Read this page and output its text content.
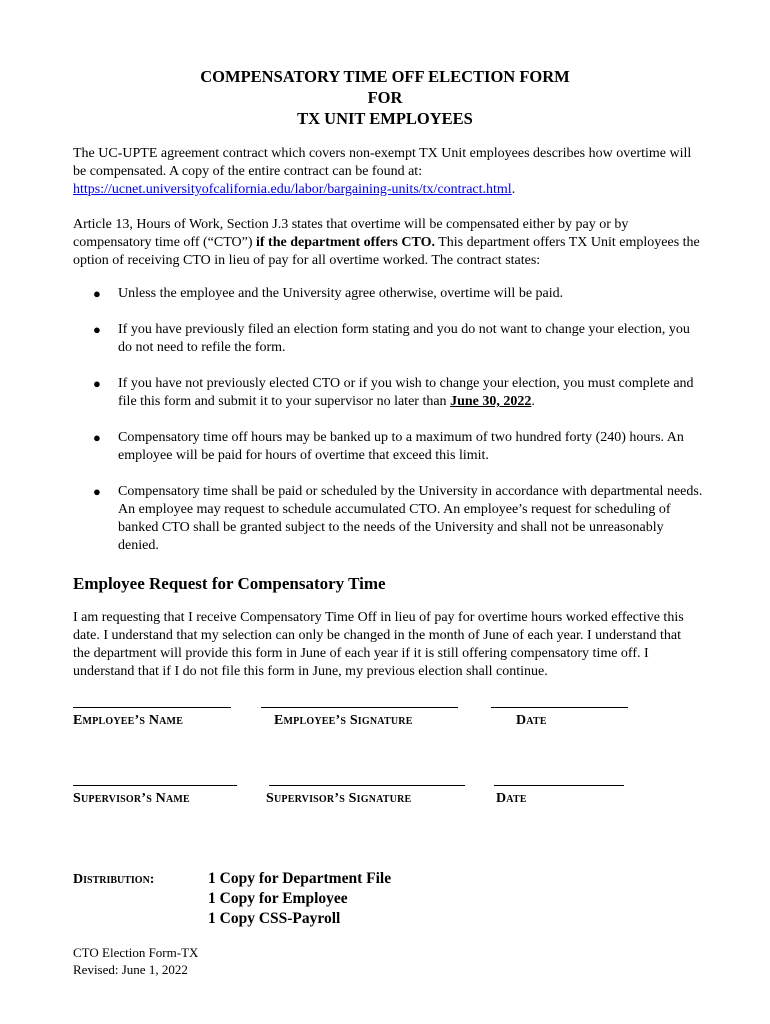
COMPENSATORY TIME OFF ELECTION FORM
FOR
TX UNIT EMPLOYEES

The UC-UPTE agreement contract which covers non-exempt TX Unit employees describes how overtime will be compensated. A copy of the entire contract can be found at: https://ucnet.universityofcalifornia.edu/labor/bargaining-units/tx/contract.html.

Article 13, Hours of Work, Section J.3 states that overtime will be compensated either by pay or by compensatory time off (“CTO”) if the department offers CTO. This department offers TX Unit employees the option of receiving CTO in lieu of pay for all overtime worked. The contract states:

● Unless the employee and the University agree otherwise, overtime will be paid.
● If you have previously filed an election form stating and you do not want to change your election, you do not need to refile the form.
● If you have not previously elected CTO or if you wish to change your election, you must complete and file this form and submit it to your supervisor no later than June 30, 2022.
● Compensatory time off hours may be banked up to a maximum of two hundred forty (240) hours. An employee will be paid for hours of overtime that exceed this limit.
● Compensatory time shall be paid or scheduled by the University in accordance with departmental needs. An employee may request to schedule accumulated CTO. An employee’s request for scheduling of banked CTO shall be granted subject to the needs of the University and shall not be unreasonably denied.
Employee Request for Compensatory Time

I am requesting that I receive Compensatory Time Off in lieu of pay for overtime hours worked effective this date. I understand that my selection can only be changed in the month of June of each year. I understand that the department will provide this form in June of each year if it is still offering compensatory time off. I understand that if I do not file this form in June, my previous election shall continue.

Employee’s Name	Employee’s Signature	Date
Supervisor’s Name	Supervisor’s Signature	Date
Distribution:	1 Copy for Department File
1 Copy for Employee
1 Copy CSS-Payroll
CTO Election Form-TX
Revised: June 1, 2022
